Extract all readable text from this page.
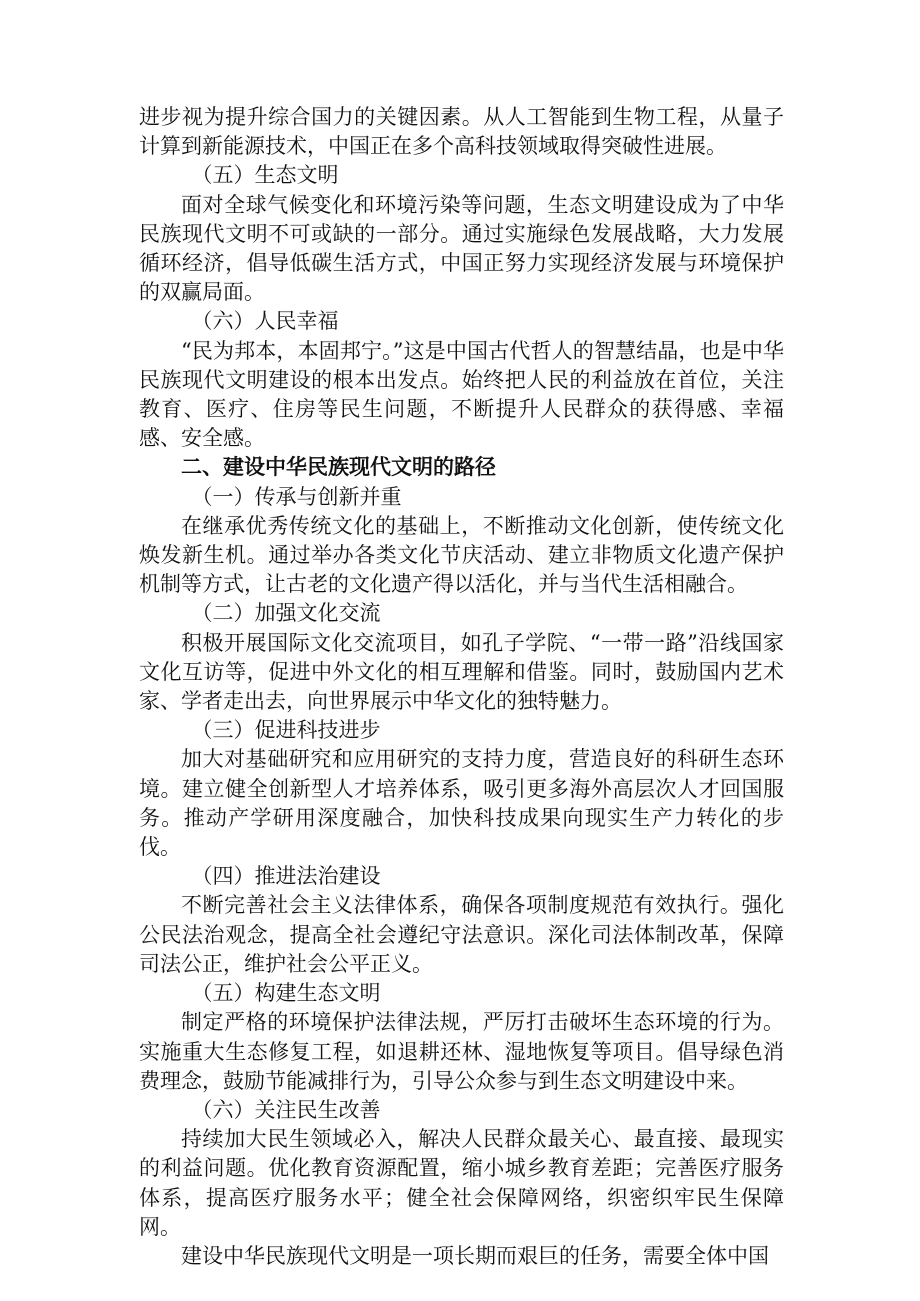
进步视为提升综合国力的关键因素。从人工智能到生物工程，从量子计算到新能源技术，中国正在多个高科技领域取得突破性进展。

（五）生态文明

面对全球气候变化和环境污染等问题，生态文明建设成为了中华民族现代文明不可或缺的一部分。通过实施绿色发展战略，大力发展循环经济，倡导低碳生活方式，中国正努力实现经济发展与环境保护的双赢局面。

（六）人民幸福

“民为邦本，本固邦宁。”这是中国古代哲人的智慧结晶，也是中华民族现代文明建设的根本出发点。始终把人民的利益放在首位，关注教育、医疗、住房等民生问题，不断提升人民群众的获得感、幸福感、安全感。

二、建设中华民族现代文明的路径

（一）传承与创新并重

在继承优秀传统文化的基础上，不断推动文化创新，使传统文化焕发新生机。通过举办各类文化节庆活动、建立非物质文化遗产保护机制等方式，让古老的文化遗产得以活化，并与当代生活相融合。

（二）加强文化交流

积极开展国际文化交流项目，如孔子学院、“一带一路”沿线国家文化互访等，促进中外文化的相互理解和借鉴。同时，鼓励国内艺术家、学者走出去，向世界展示中华文化的独特魅力。

（三）促进科技进步

加大对基础研究和应用研究的支持力度，营造良好的科研生态环境。建立健全创新型人才培养体系，吸引更多海外高层次人才回国服务。推动产学研用深度融合，加快科技成果向现实生产力转化的步伐。

（四）推进法治建设

不断完善社会主义法律体系，确保各项制度规范有效执行。强化公民法治观念，提高全社会遵纪守法意识。深化司法体制改革，保障司法公正，维护社会公平正义。

（五）构建生态文明

制定严格的环境保护法律法规，严厉打击破坏生态环境的行为。实施重大生态修复工程，如退耕还林、湿地恢复等项目。倡导绿色消费理念，鼓励节能减排行为，引导公众参与到生态文明建设中来。

（六）关注民生改善

持续加大民生领域必入，解决人民群众最关心、最直接、最现实的利益问题。优化教育资源配置，缩小城乡教育差距；完善医疗服务体系，提高医疗服务水平；健全社会保障网络，织密织牢民生保障网。

建设中华民族现代文明是一项长期而艰巨的任务，需要全体中国
